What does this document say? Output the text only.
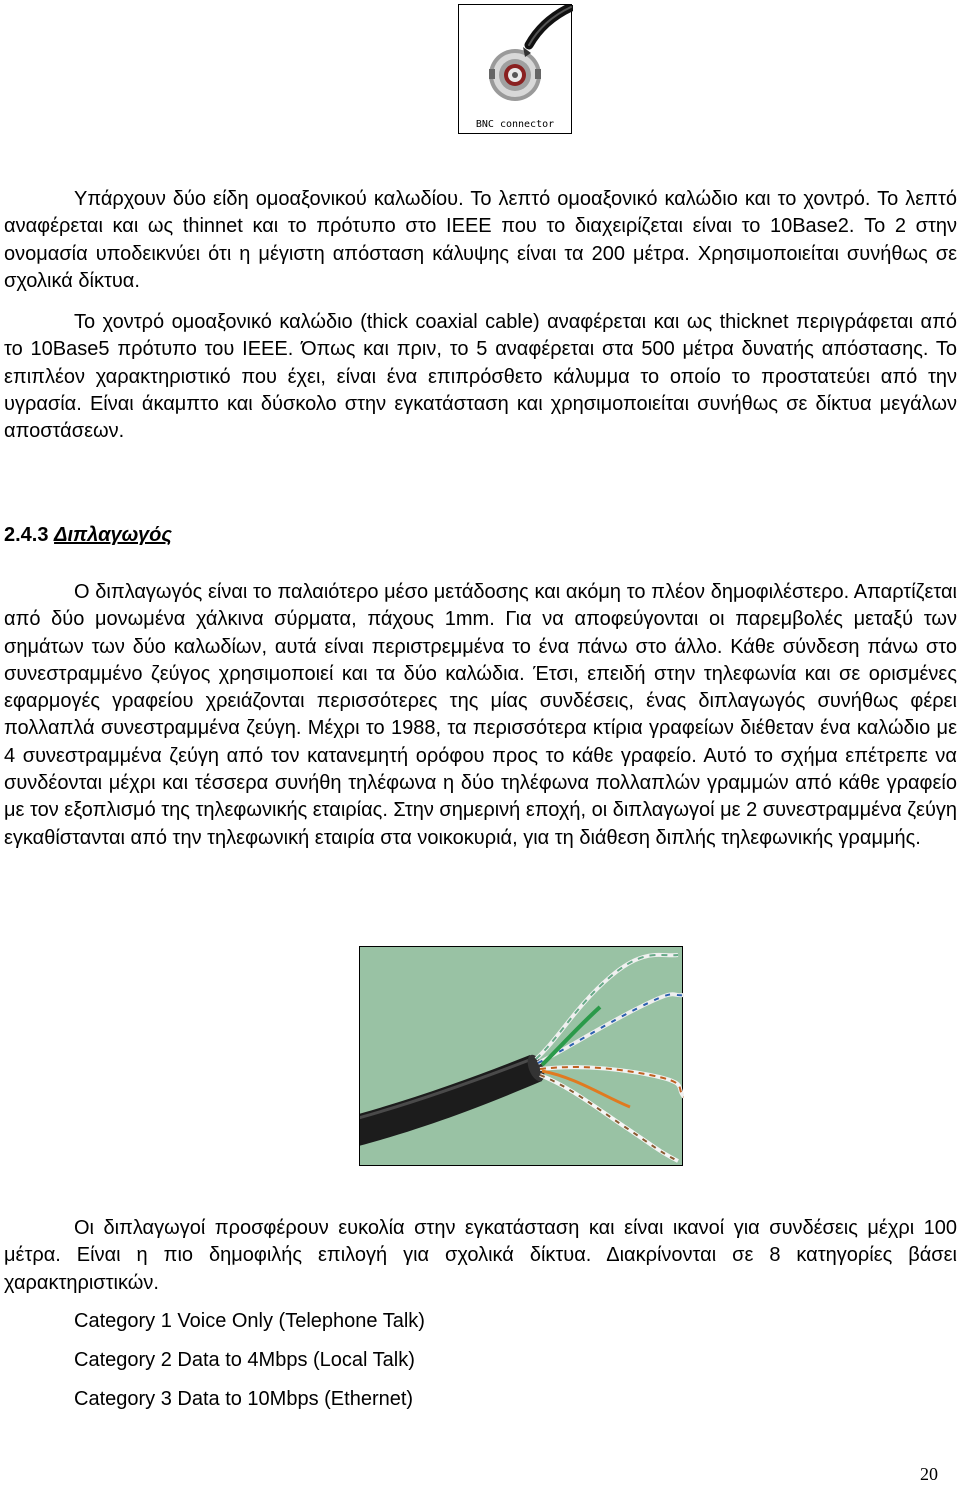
BNC connector

Υπάρχουν δύο είδη ομοαξονικού καλωδίου. Το λεπτό ομοαξονικό καλώδιο και το χοντρό. Το λεπτό αναφέρεται και ως thinnet και το πρότυπο στο IEEE που το διαχειρίζεται είναι το 10Base2. Το 2 στην ονομασία υποδεικνύει ότι η μέγιστη απόσταση κάλυψης είναι τα 200 μέτρα. Χρησιμοποιείται συνήθως σε σχολικά δίκτυα.

Το χοντρό ομοαξονικό καλώδιο (thick coaxial cable) αναφέρεται και ως thicknet περιγράφεται από το 10Base5 πρότυπο του IEEE. Όπως και πριν, το 5 αναφέρεται στα 500 μέτρα δυνατής απόστασης. Το επιπλέον χαρακτηριστικό που έχει, είναι ένα επιπρόσθετο κάλυμμα το οποίο το προστατεύει από την υγρασία. Είναι άκαμπτο και δύσκολο στην εγκατάσταση και χρησιμοποιείται συνήθως σε δίκτυα μεγάλων αποστάσεων.

2.4.3 Διπλαγωγός

Ο διπλαγωγός είναι το παλαιότερο μέσο μετάδοσης και ακόμη το πλέον δημοφιλέστερο. Απαρτίζεται από δύο μονωμένα χάλκινα σύρματα, πάχους 1mm. Για να αποφεύγονται οι παρεμβολές μεταξύ των σημάτων των δύο καλωδίων, αυτά είναι περιστρεμμένα το ένα πάνω στο άλλο. Κάθε σύνδεση πάνω στο συνεστραμμένο ζεύγος χρησιμοποιεί και τα δύο καλώδια. Έτσι, επειδή στην τηλεφωνία και σε ορισμένες εφαρμογές γραφείου χρειάζονται περισσότερες της μίας συνδέσεις, ένας διπλαγωγός συνήθως φέρει πολλαπλά συνεστραμμένα ζεύγη. Μέχρι το 1988, τα περισσότερα κτίρια γραφείων διέθεταν ένα καλώδιο με 4 συνεστραμμένα ζεύγη από τον κατανεμητή ορόφου προς το κάθε γραφείο. Αυτό το σχήμα επέτρεπε να συνδέονται μέχρι και τέσσερα συνήθη τηλέφωνα η δύο τηλέφωνα πολλαπλών γραμμών από κάθε γραφείο με τον εξοπλισμό της τηλεφωνικής εταιρίας. Στην σημερινή εποχή, οι διπλαγωγοί με 2 συνεστραμμένα ζεύγη εγκαθίστανται από την τηλεφωνική εταιρία στα νοικοκυριά, για τη διάθεση διπλής τηλεφωνικής γραμμής.

Οι διπλαγωγοί προσφέρουν ευκολία στην εγκατάσταση και είναι ικανοί για συνδέσεις μέχρι 100 μέτρα. Είναι η πιο δημοφιλής επιλογή για σχολικά δίκτυα. Διακρίνονται σε 8 κατηγορίες βάσει χαρακτηριστικών.

Category 1 Voice Only (Telephone Talk)
Category 2 Data to 4Mbps (Local Talk)
Category 3 Data to 10Mbps (Ethernet)
20
